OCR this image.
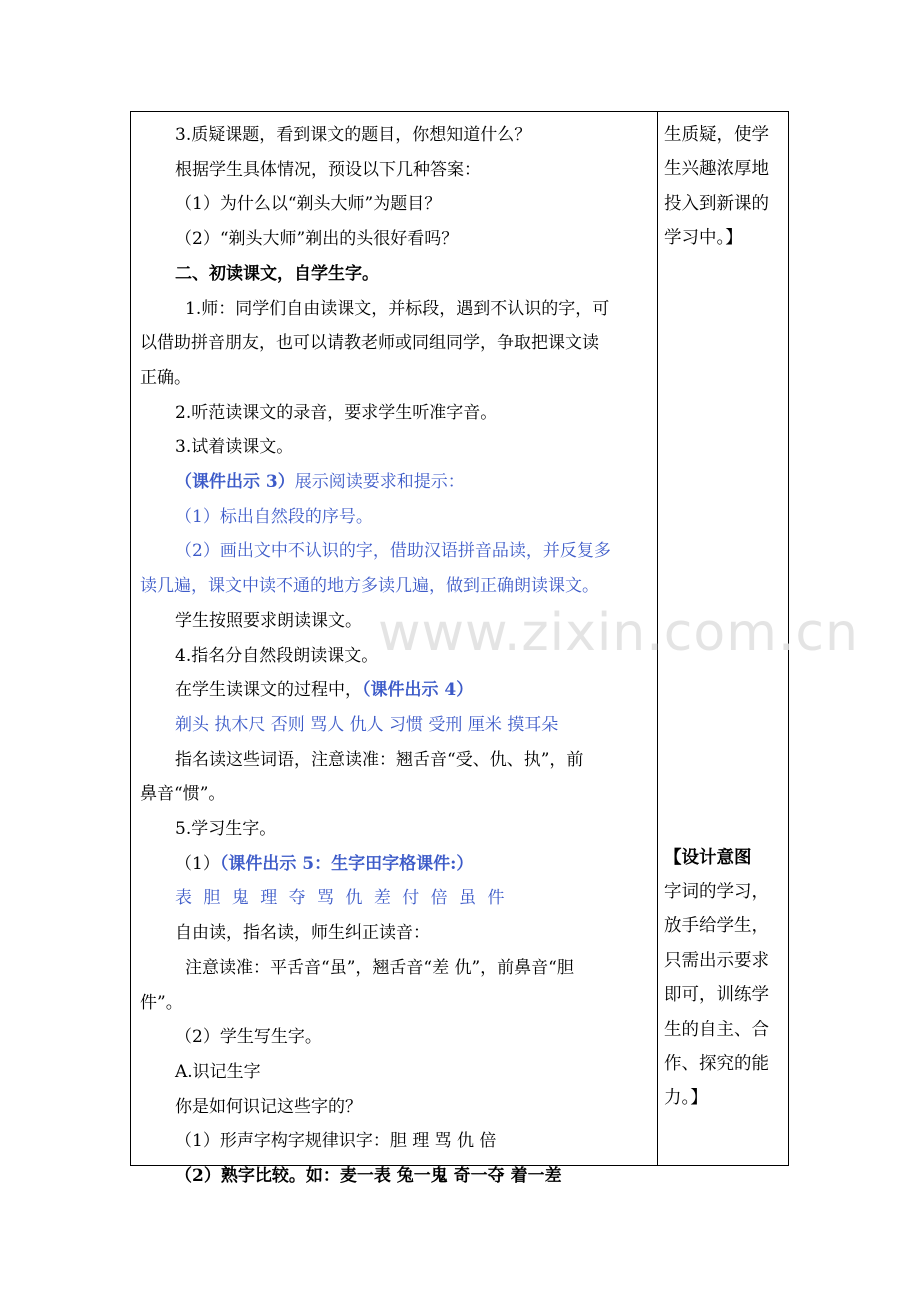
3.质疑课题，看到课文的题目，你想知道什么？
根据学生具体情况，预设以下几种答案：
（1）为什么以“剃头大师”为题目？
（2）“剃头大师”剃出的头很好看吗？
二、初读课文，自学生字。
1.师：同学们自由读课文，并标段，遇到不认识的字，可
以借助拼音朋友，也可以请教老师或同组同学，争取把课文读
正确。
2.听范读课文的录音，要求学生听准字音。
3.试着读课文。
（课件出示 3）展示阅读要求和提示：
（1）标出自然段的序号。
（2）画出文中不认识的字，借助汉语拼音品读，并反复多
读几遍，课文中读不通的地方多读几遍，做到正确朗读课文。
学生按照要求朗读课文。
4.指名分自然段朗读课文。
在学生读课文的过程中，（课件出示 4）
剃头 执木尺 否则 骂人 仇人 习惯 受刑 厘米 摸耳朵
指名读这些词语，注意读准：翘舌音“受、仇、执”，前
鼻音“惯”。
5.学习生字。
（1）（课件出示 5：生字田字格课件:）
表 胆 鬼 理 夺 骂 仇 差 付 倍 虽 件
自由读，指名读，师生纠正读音：
注意读准：平舌音“虽”，翘舌音“差 仇”，前鼻音“胆
件”。
（2）学生写生字。
A.识记生字
你是如何识记这些字的？
（1）形声字构字规律识字：胆 理 骂 仇 倍
（2）熟字比较。如：麦一表 兔一鬼 奇一夺 着一差
生质疑，使学
生兴趣浓厚地
投入到新课的
学习中。】

【设计意图
字词的学习，
放手给学生，
只需出示要求
即可，训练学
生的自主、合
作、探究的能
力。】
www.zixin.com.cn
